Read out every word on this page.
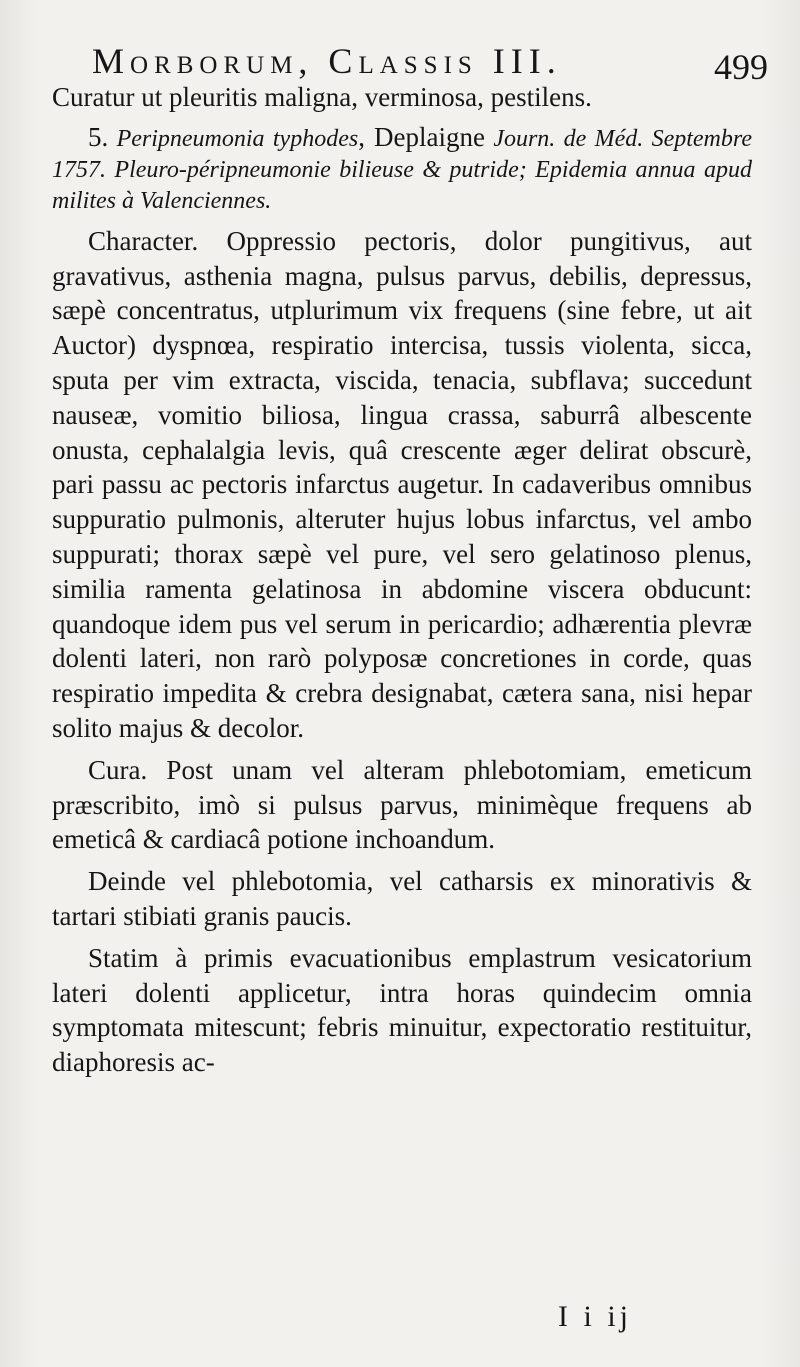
Morborum, Classis III.	499

Curatur ut pleuritis maligna, verminosa, pestilens.

5. Peripneumonia typhodes, Deplaigne Journ. de Méd. Septembre 1757. Pleuro-péripneumonie bilieuse & putride; Epidemia annua apud milites à Valenciennes.

Character. Oppressio pectoris, dolor pungitivus, aut gravativus, asthenia magna, pulsus parvus, debilis, depressus, sæpè concentratus, utplurimum vix frequens (sine febre, ut ait Auctor) dyspnœa, respiratio intercisa, tussis violenta, sicca, sputa per vim extracta, viscida, tenacia, subflava; succedunt nauseæ, vomitio biliosa, lingua crassa, saburrâ albescente onusta, cephalalgia levis, quâ crescente æger delirat obscurè, pari passu ac pectoris infarctus augetur. In cadaveribus omnibus suppuratio pulmonis, alteruter hujus lobus infarctus, vel ambo suppurati; thorax sæpè vel pure, vel sero gelatinoso plenus, similia ramenta gelatinosa in abdomine viscera obducunt: quandoque idem pus vel serum in pericardio; adhærentia plevræ dolenti lateri, non rarò polyposæ concretiones in corde, quas respiratio impedita & crebra designabat, cætera sana, nisi hepar solito majus & decolor.

Cura. Post unam vel alteram phlebotomiam, emeticum præscribito, imò si pulsus parvus, minimèque frequens ab emeticâ & cardiacâ potione inchoandum.

Deinde vel phlebotomia, vel catharsis ex minorativis & tartari stibiati granis paucis.

Statim à primis evacuationibus emplastrum vesicatorium lateri dolenti applicetur, intra horas quindecim omnia symptomata mitescunt; febris minuitur, expectoratio restituitur, diaphoresis ac-

I i ij
